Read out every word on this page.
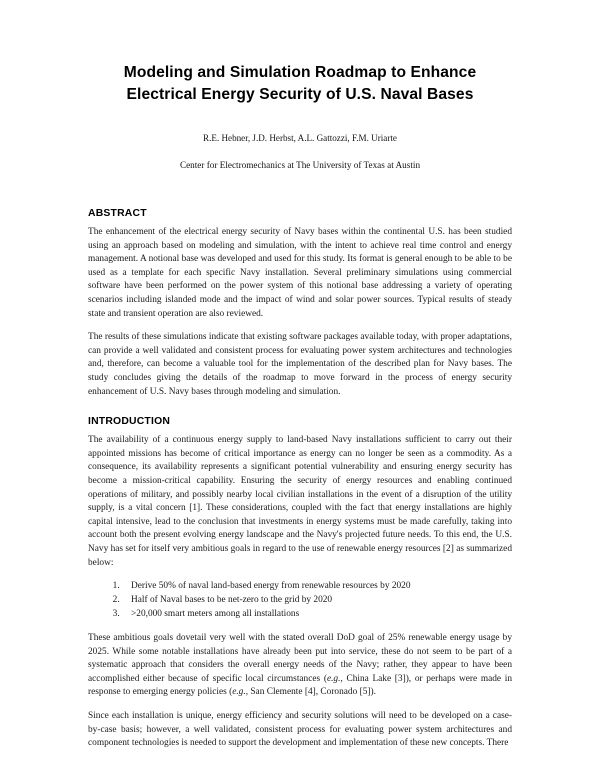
Modeling and Simulation Roadmap to Enhance Electrical Energy Security of U.S. Naval Bases
R.E. Hebner, J.D. Herbst, A.L. Gattozzi, F.M. Uriarte
Center for Electromechanics at The University of Texas at Austin
ABSTRACT

The enhancement of the electrical energy security of Navy bases within the continental U.S. has been studied using an approach based on modeling and simulation, with the intent to achieve real time control and energy management. A notional base was developed and used for this study. Its format is general enough to be able to be used as a template for each specific Navy installation. Several preliminary simulations using commercial software have been performed on the power system of this notional base addressing a variety of operating scenarios including islanded mode and the impact of wind and solar power sources. Typical results of steady state and transient operation are also reviewed.

The results of these simulations indicate that existing software packages available today, with proper adaptations, can provide a well validated and consistent process for evaluating power system architectures and technologies and, therefore, can become a valuable tool for the implementation of the described plan for Navy bases. The study concludes giving the details of the roadmap to move forward in the process of energy security enhancement of U.S. Navy bases through modeling and simulation.

INTRODUCTION

The availability of a continuous energy supply to land-based Navy installations sufficient to carry out their appointed missions has become of critical importance as energy can no longer be seen as a commodity. As a consequence, its availability represents a significant potential vulnerability and ensuring energy security has become a mission-critical capability. Ensuring the security of energy resources and enabling continued operations of military, and possibly nearby local civilian installations in the event of a disruption of the utility supply, is a vital concern [1]. These considerations, coupled with the fact that energy installations are highly capital intensive, lead to the conclusion that investments in energy systems must be made carefully, taking into account both the present evolving energy landscape and the Navy's projected future needs. To this end, the U.S. Navy has set for itself very ambitious goals in regard to the use of renewable energy resources [2] as summarized below:

1. Derive 50% of naval land-based energy from renewable resources by 2020
2. Half of Naval bases to be net-zero to the grid by 2020
3. >20,000 smart meters among all installations

These ambitious goals dovetail very well with the stated overall DoD goal of 25% renewable energy usage by 2025. While some notable installations have already been put into service, these do not seem to be part of a systematic approach that considers the overall energy needs of the Navy; rather, they appear to have been accomplished either because of specific local circumstances (e.g., China Lake [3]), or perhaps were made in response to emerging energy policies (e.g., San Clemente [4], Coronado [5]).

Since each installation is unique, energy efficiency and security solutions will need to be developed on a case-by-case basis; however, a well validated, consistent process for evaluating power system architectures and component technologies is needed to support the development and implementation of these new concepts. There
